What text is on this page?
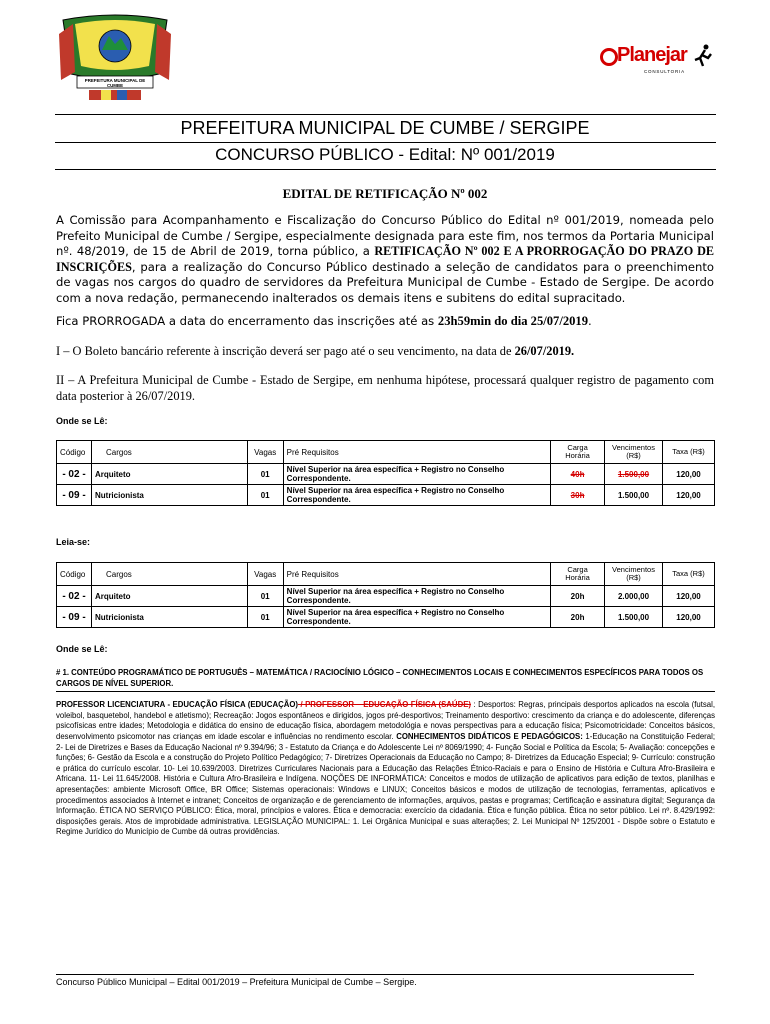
PREFEITURA MUNICIPAL DE CUMBE
Planejar
CONSULTORIA
PREFEITURA MUNICIPAL DE CUMBE / SERGIPE
CONCURSO PÚBLICO - Edital: Nº 001/2019
EDITAL DE RETIFICAÇÃO Nº 002
A Comissão para Acompanhamento e Fiscalização do Concurso Público do Edital nº 001/2019, nomeada pelo Prefeito Municipal de Cumbe / Sergipe, especialmente designada para este fim, nos termos da Portaria Municipal nº. 48/2019, de 15 de Abril de 2019, torna público, a RETIFICAÇÃO Nº 002 E A PRORROGAÇÃO DO PRAZO DE INSCRIÇÕES, para a realização do Concurso Público destinado a seleção de candidatos para o preenchimento de vagas nos cargos do quadro de servidores da Prefeitura Municipal de Cumbe - Estado de Sergipe. De acordo com a nova redação, permanecendo inalterados os demais itens e subitens do edital supracitado.
Fica PRORROGADA a data do encerramento das inscrições até as 23h59min do dia 25/07/2019.
I – O Boleto bancário referente à inscrição deverá ser pago até o seu vencimento, na data de 26/07/2019.
II – A Prefeitura Municipal de Cumbe - Estado de Sergipe, em nenhuma hipótese, processará qualquer registro de pagamento com data posterior à 26/07/2019.
Onde se Lê:
Código	Cargos	Vagas	Pré Requisitos	Carga Horária	Vencimentos (R$)	Taxa (R$)
- 02 -	Arquiteto	01	Nível Superior na área específica + Registro no Conselho Correspondente.	40h	1.500,00	120,00
- 09 -	Nutricionista	01	Nível Superior na área específica + Registro no Conselho Correspondente.	30h	1.500,00	120,00
Leia-se:
Código	Cargos	Vagas	Pré Requisitos	Carga Horária	Vencimentos (R$)	Taxa (R$)
- 02 -	Arquiteto	01	Nível Superior na área específica + Registro no Conselho Correspondente.	20h	2.000,00	120,00
- 09 -	Nutricionista	01	Nível Superior na área específica + Registro no Conselho Correspondente.	20h	1.500,00	120,00
Onde se Lê:
# 1. CONTEÚDO PROGRAMÁTICO DE PORTUGUÊS – MATEMÁTICA / RACIOCÍNIO LÓGICO – CONHECIMENTOS LOCAIS E CONHECIMENTOS ESPECÍFICOS PARA TODOS OS CARGOS DE NÍVEL SUPERIOR.
PROFESSOR LICENCIATURA - EDUCAÇÃO FÍSICA (EDUCAÇÃO) / PROFESSOR – EDUCAÇÃO FÍSICA (SAÚDE) : Desportos: Regras, principais desportos aplicados na escola (futsal, voleibol, basquetebol, handebol e atletismo); Recreação: Jogos espontâneos e dirigidos, jogos pré-desportivos; Treinamento desportivo: crescimento da criança e do adolescente, diferenças psicofísicas entre idades; Metodologia e didática do ensino de educação física, abordagem metodológia e novas perspectivas para a educação física; Psicomotricidade: Conceitos básicos, desenvolvimento psicomotor nas crianças em idade escolar e influências no rendimento escolar. CONHECIMENTOS DIDÁTICOS E PEDAGÓGICOS: 1-Educação na Constituição Federal; 2- Lei de Diretrizes e Bases da Educação Nacional nº 9.394/96; 3 - Estatuto da Criança e do Adolescente Lei nº 8069/1990; 4- Função Social e Política da Escola; 5- Avaliação: concepções e funções; 6- Gestão da Escola e a construção do Projeto Político Pedagógico; 7- Diretrizes Operacionais da Educação no Campo; 8- Diretrizes da Educação Especial; 9- Currículo: construção e prática do currículo escolar. 10- Lei 10.639/2003. Diretrizes Curriculares Nacionais para a Educação das Relações Étnico-Raciais e para o Ensino de História e Cultura Afro-Brasileira e Africana. 11- Lei 11.645/2008. História e Cultura Afro-Brasileira e Indígena. NOÇÕES DE INFORMÁTICA: Conceitos e modos de utilização de aplicativos para edição de textos, planilhas e apresentações: ambiente Microsoft Office, BR Office; Sistemas operacionais: Windows e LINUX; Conceitos básicos e modos de utilização de tecnologias, ferramentas, aplicativos e procedimentos associados à Internet e intranet; Conceitos de organização e de gerenciamento de informações, arquivos, pastas e programas; Certificação e assinatura digital; Segurança da Informação. ÉTICA NO SERVIÇO PÚBLICO: Ética, moral, princípios e valores. Ética e democracia: exercício da cidadania. Ética e função pública. Ética no setor público. Lei nº. 8.429/1992: disposições gerais. Atos de improbidade administrativa. LEGISLAÇÃO MUNICIPAL: 1. Lei Orgânica Municipal e suas alterações; 2. Lei Municipal Nº 125/2001 - Dispõe sobre o Estatuto e Regime Jurídico do Município de Cumbe dá outras providências.
Concurso Público Municipal – Edital 001/2019 – Prefeitura Municipal de Cumbe – Sergipe.
